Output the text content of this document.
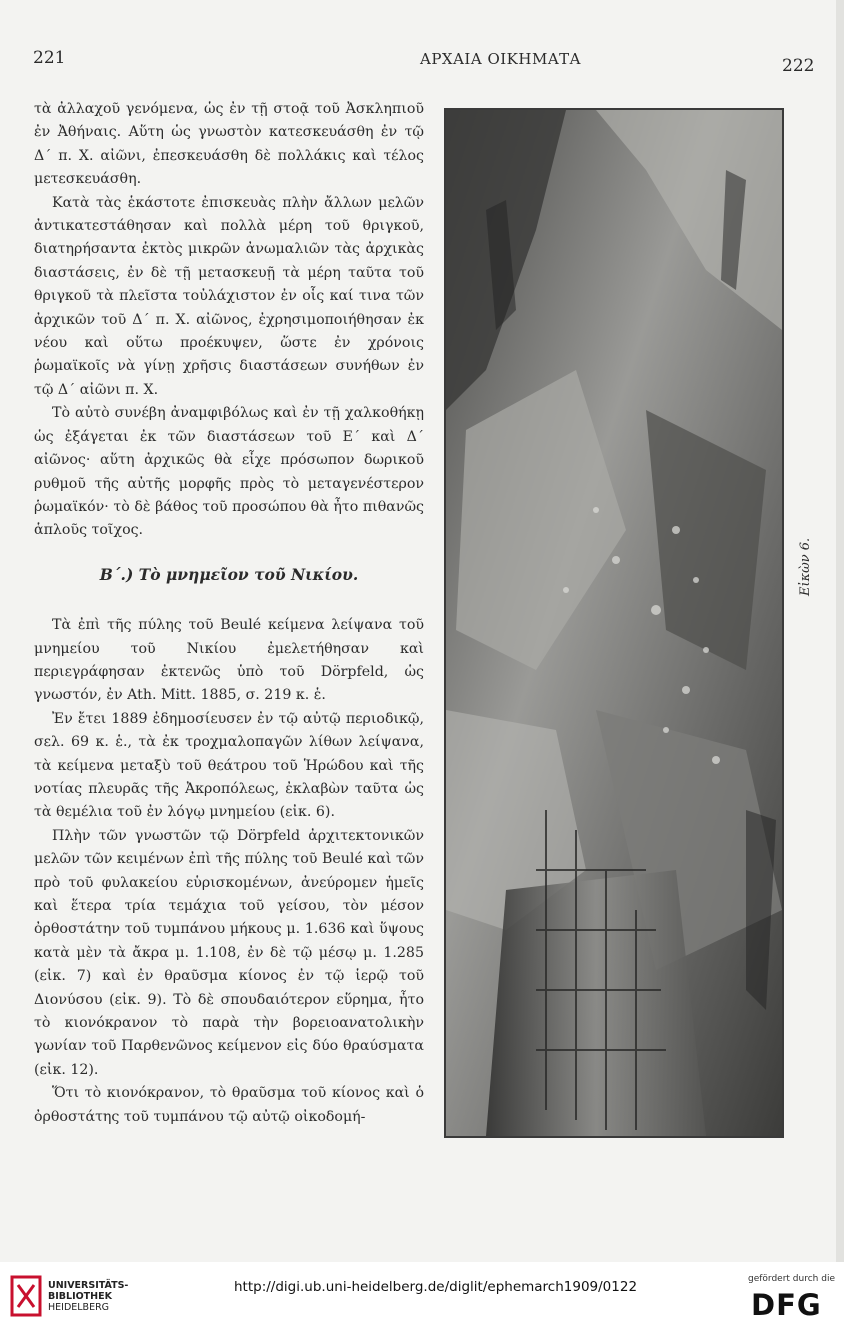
221	ΑΡΧΑΙΑ ΟΙΚΗΜΑΤΑ	222

τὰ ἀλλαχοῦ γενόμενα, ὡς ἐν τῇ στοᾷ τοῦ Ἀσκληπιοῦ ἐν Ἀθήναις. Αὕτη ὡς γνωστὸν κατεσκευάσθη ἐν τῷ Δ΄ π. Χ. αἰῶνι, ἐπεσκευάσθη δὲ πολλάκις καὶ τέλος μετεσκευάσθη.

Κατὰ τὰς ἑκάστοτε ἐπισκευὰς πλὴν ἄλλων μελῶν ἀντικατεστάθησαν καὶ πολλὰ μέρη τοῦ θριγκοῦ, διατηρήσαντα ἐκτὸς μικρῶν ἀνωμαλιῶν τὰς ἀρχικὰς διαστάσεις, ἐν δὲ τῇ μετασκευῇ τὰ μέρη ταῦτα τοῦ θριγκοῦ τὰ πλεῖστα τοὐλάχιστον ἐν οἷς καί τινα τῶν ἀρχικῶν τοῦ Δ΄ π. Χ. αἰῶνος, ἐχρησιμοποιήθησαν ἐκ νέου καὶ οὕτω προέκυψεν, ὥστε ἐν χρόνοις ῥωμαϊκοῖς νὰ γίνῃ χρῆσις διαστάσεων συνήθων ἐν τῷ Δ΄ αἰῶνι π. Χ.

Τὸ αὐτὸ συνέβη ἀναμφιβόλως καὶ ἐν τῇ χαλκοθήκῃ ὡς ἐξάγεται ἐκ τῶν διαστάσεων τοῦ Ε΄ καὶ Δ΄ αἰῶνος· αὕτη ἀρχικῶς θὰ εἶχε πρόσωπον δωρικοῦ ρυθμοῦ τῆς αὐτῆς μορφῆς πρὸς τὸ μεταγενέστερον ῥωμαϊκόν· τὸ δὲ βάθος τοῦ προσώπου θὰ ἦτο πιθανῶς ἁπλοῦς τοῖχος.

Β΄.) Τὸ μνημεῖον τοῦ Νικίου.

Τὰ ἐπὶ τῆς πύλης τοῦ Beulé κείμενα λείψανα τοῦ μνημείου τοῦ Νικίου ἐμελετήθησαν καὶ περιεγράφησαν ἐκτενῶς ὑπὸ τοῦ Dörpfeld, ὡς γνωστόν, ἐν Ath. Mitt. 1885, σ. 219 κ. ἑ.

Ἐν ἔτει 1889 ἐδημοσίευσεν ἐν τῷ αὐτῷ περιοδικῷ, σελ. 69 κ. ἑ., τὰ ἐκ τροχμαλοπαγῶν λίθων λείψανα, τὰ κείμενα μεταξὺ τοῦ θεάτρου τοῦ Ἡρώδου καὶ τῆς νοτίας πλευρᾶς τῆς Ἀκροπόλεως, ἐκλαβὼν ταῦτα ὡς τὰ θεμέλια τοῦ ἐν λόγῳ μνημείου (εἰκ. 6).

Πλὴν τῶν γνωστῶν τῷ Dörpfeld ἀρχιτεκτονικῶν μελῶν τῶν κειμένων ἐπὶ τῆς πύλης τοῦ Beulé καὶ τῶν πρὸ τοῦ φυλακείου εὑρισκομένων, ἀνεύρομεν ἡμεῖς καὶ ἕτερα τρία τεμάχια τοῦ γείσου, τὸν μέσον ὀρθοστάτην τοῦ τυμπάνου μήκους μ. 1.636 καὶ ὕψους κατὰ μὲν τὰ ἄκρα μ. 1.108, ἐν δὲ τῷ μέσῳ μ. 1.285 (εἰκ. 7) καὶ ἐν θραῦσμα κίονος ἐν τῷ ἱερῷ τοῦ Διονύσου (εἰκ. 9). Τὸ δὲ σπουδαιότερον εὕρημα, ἦτο τὸ κιονόκρανον τὸ παρὰ τὴν βορειοανατολικὴν γωνίαν τοῦ Παρθενῶνος κείμενον εἰς δύο θραύσματα (εἰκ. 12).

Ὅτι τὸ κιονόκρανον, τὸ θραῦσμα τοῦ κίονος καὶ ὁ ὀρθοστάτης τοῦ τυμπάνου τῷ αὐτῷ οἰκοδομή-

UNIVERSITÄTS-
BIBLIOTHEK
HEIDELBERG
http://digi.ub.uni-heidelberg.de/diglit/ephemarch1909/0122	gefördert durch die
DFG
